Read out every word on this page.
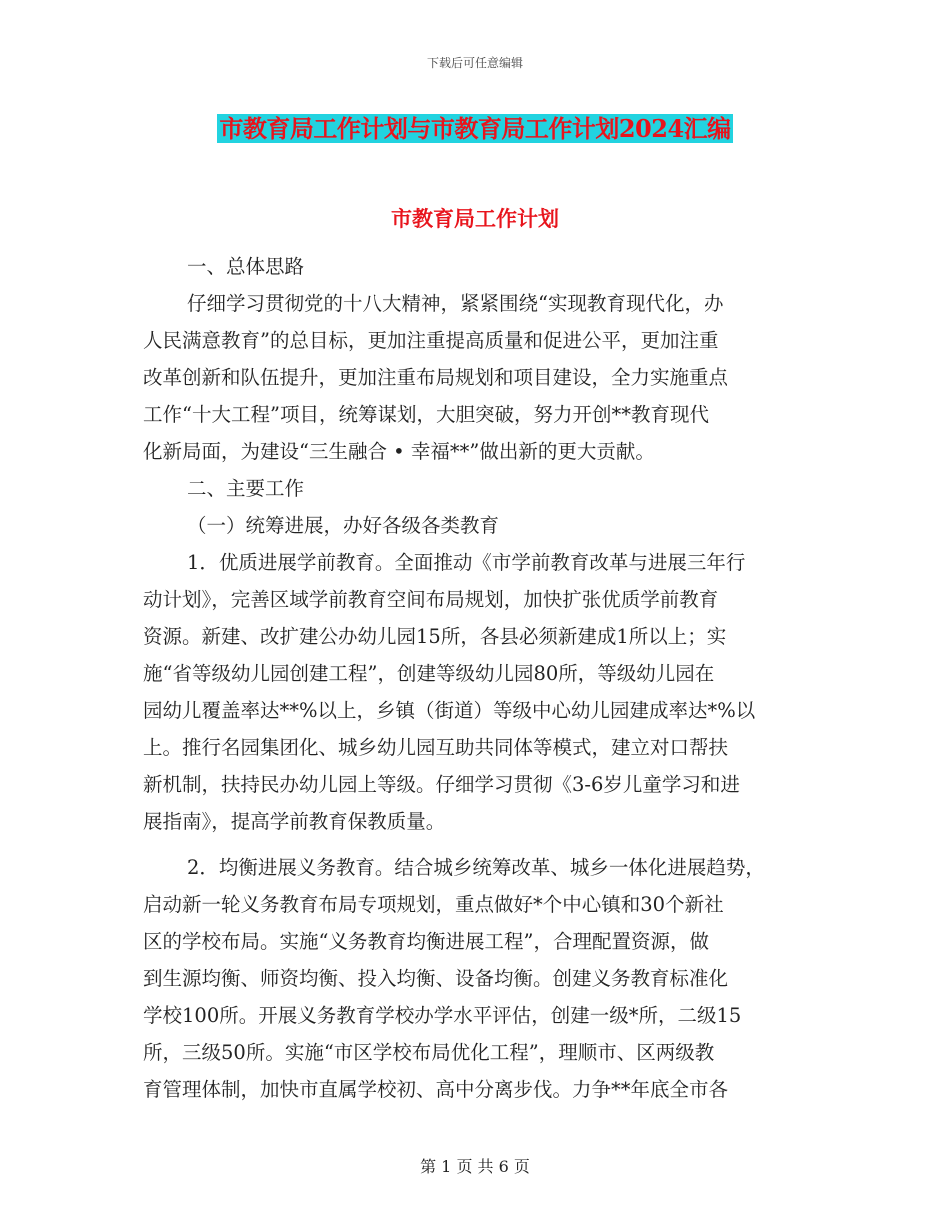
下载后可任意编辑
市教育局工作计划与市教育局工作计划2024汇编
市教育局工作计划
一、总体思路
仔细学习贯彻党的十八大精神，紧紧围绕“实现教育现代化，办
人民满意教育”的总目标，更加注重提高质量和促进公平，更加注重
改革创新和队伍提升，更加注重布局规划和项目建设，全力实施重点
工作“十大工程”项目，统筹谋划，大胆突破，努力开创**教育现代
化新局面，为建设“三生融合 • 幸福**”做出新的更大贡献。
二、主要工作
（一）统筹进展，办好各级各类教育
1．优质进展学前教育。全面推动《市学前教育改革与进展三年行
动计划》，完善区域学前教育空间布局规划，加快扩张优质学前教育
资源。新建、改扩建公办幼儿园15所，各县必须新建成1所以上；实
施“省等级幼儿园创建工程”，创建等级幼儿园80所，等级幼儿园在
园幼儿覆盖率达**%以上，乡镇（街道）等级中心幼儿园建成率达*%以
上。推行名园集团化、城乡幼儿园互助共同体等模式，建立对口帮扶
新机制，扶持民办幼儿园上等级。仔细学习贯彻《3-6岁儿童学习和进
展指南》，提高学前教育保教质量。
2．均衡进展义务教育。结合城乡统筹改革、城乡一体化进展趋势，
启动新一轮义务教育布局专项规划，重点做好*个中心镇和30个新社
区的学校布局。实施“义务教育均衡进展工程”，合理配置资源，做
到生源均衡、师资均衡、投入均衡、设备均衡。创建义务教育标准化
学校100所。开展义务教育学校办学水平评估，创建一级*所，二级15
所，三级50所。实施“市区学校布局优化工程”，理顺市、区两级教
育管理体制，加快市直属学校初、高中分离步伐。力争**年底全市各
第 1 页 共 6 页
